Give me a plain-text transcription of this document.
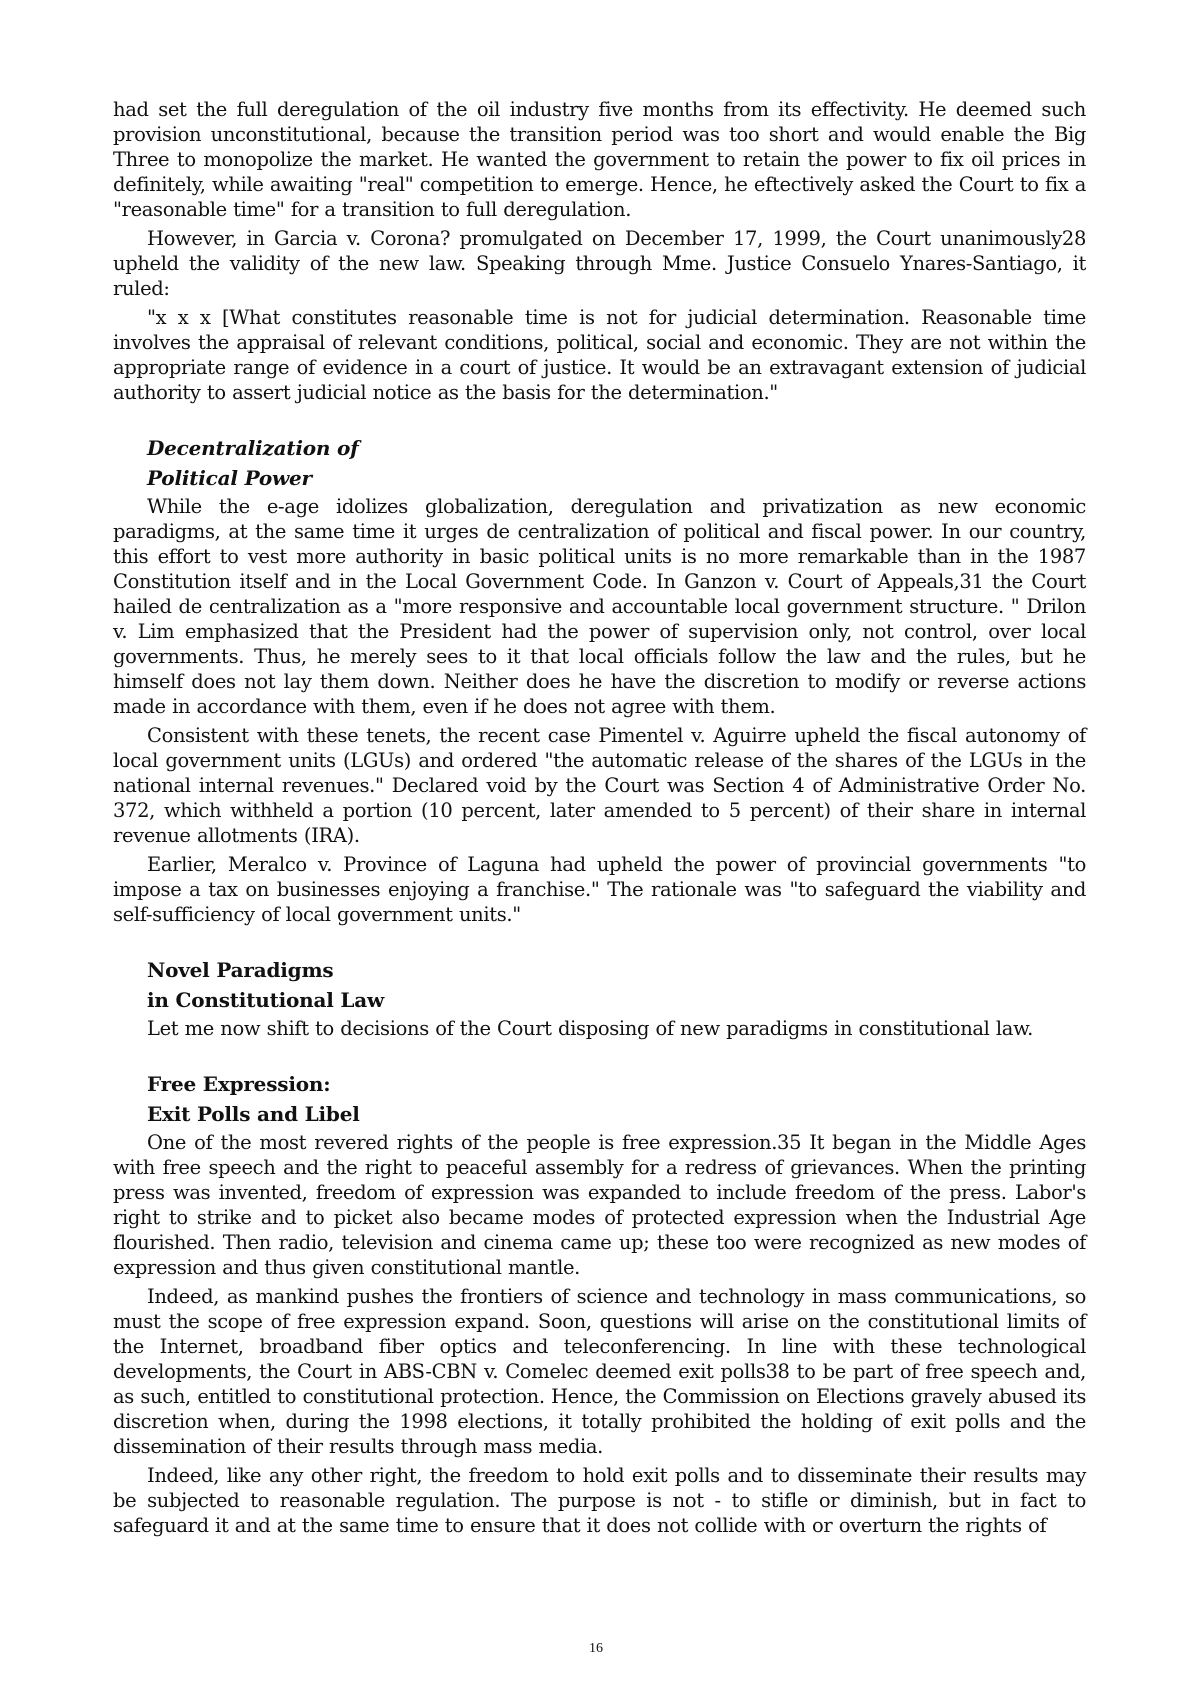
had set the full deregulation of the oil industry five months from its effectivity. He deemed such provision unconstitutional, because the transition period was too short and would enable the Big Three to monopolize the market. He wanted the government to retain the power to fix oil prices in definitely, while awaiting "real" competition to emerge. Hence, he eftectively asked the Court to fix a "reasonable time" for a transition to full deregulation.

However, in Garcia v. Corona? promulgated on December 17, 1999, the Court unanimously28 upheld the validity of the new law. Speaking through Mme. Justice Consuelo Ynares-Santiago, it ruled:

"x x x [What constitutes reasonable time is not for judicial determination. Reasonable time involves the appraisal of relevant conditions, political, social and economic. They are not within the appropriate range of evidence in a court of justice. It would be an extravagant extension of judicial authority to assert judicial notice as the basis for the determination."

Decentralization of
Political Power

While the e-age idolizes globalization, deregulation and privatization as new economic paradigms, at the same time it urges de centralization of political and fiscal power. In our country, this effort to vest more authority in basic political units is no more remarkable than in the 1987 Constitution itself and in the Local Government Code. In Ganzon v. Court of Appeals,31 the Court hailed de centralization as a "more responsive and accountable local government structure. " Drilon v. Lim emphasized that the President had the power of supervision only, not control, over local governments. Thus, he merely sees to it that local officials follow the law and the rules, but he himself does not lay them down. Neither does he have the discretion to modify or reverse actions made in accordance with them, even if he does not agree with them.

Consistent with these tenets, the recent case Pimentel v. Aguirre upheld the fiscal autonomy of local government units (LGUs) and ordered "the automatic release of the shares of the LGUs in the national internal revenues." Declared void by the Court was Section 4 of Administrative Order No. 372, which withheld a portion (10 percent, later amended to 5 percent) of their share in internal revenue allotments (IRA).

Earlier, Meralco v. Province of Laguna had upheld the power of provincial governments "to impose a tax on businesses enjoying a franchise." The rationale was "to safeguard the viability and self-sufficiency of local government units."

Novel Paradigms
in Constitutional Law

Let me now shift to decisions of the Court disposing of new paradigms in constitutional law.

Free Expression:
Exit Polls and Libel

One of the most revered rights of the people is free expression.35 It began in the Middle Ages with free speech and the right to peaceful assembly for a redress of grievances. When the printing press was invented, freedom of expression was expanded to include freedom of the press. Labor's right to strike and to picket also became modes of protected expression when the Industrial Age flourished. Then radio, television and cinema came up; these too were recognized as new modes of expression and thus given constitutional mantle.

Indeed, as mankind pushes the frontiers of science and technology in mass communications, so must the scope of free expression expand. Soon, questions will arise on the constitutional limits of the Internet, broadband fiber optics and teleconferencing. In line with these technological developments, the Court in ABS-CBN v. Comelec deemed exit polls38 to be part of free speech and, as such, entitled to constitutional protection. Hence, the Commission on Elections gravely abused its discretion when, during the 1998 elections, it totally prohibited the holding of exit polls and the dissemination of their results through mass media.

Indeed, like any other right, the freedom to hold exit polls and to disseminate their results may be subjected to reasonable regulation. The purpose is not - to stifle or diminish, but in fact to safeguard it and at the same time to ensure that it does not collide with or overturn the rights of

16
